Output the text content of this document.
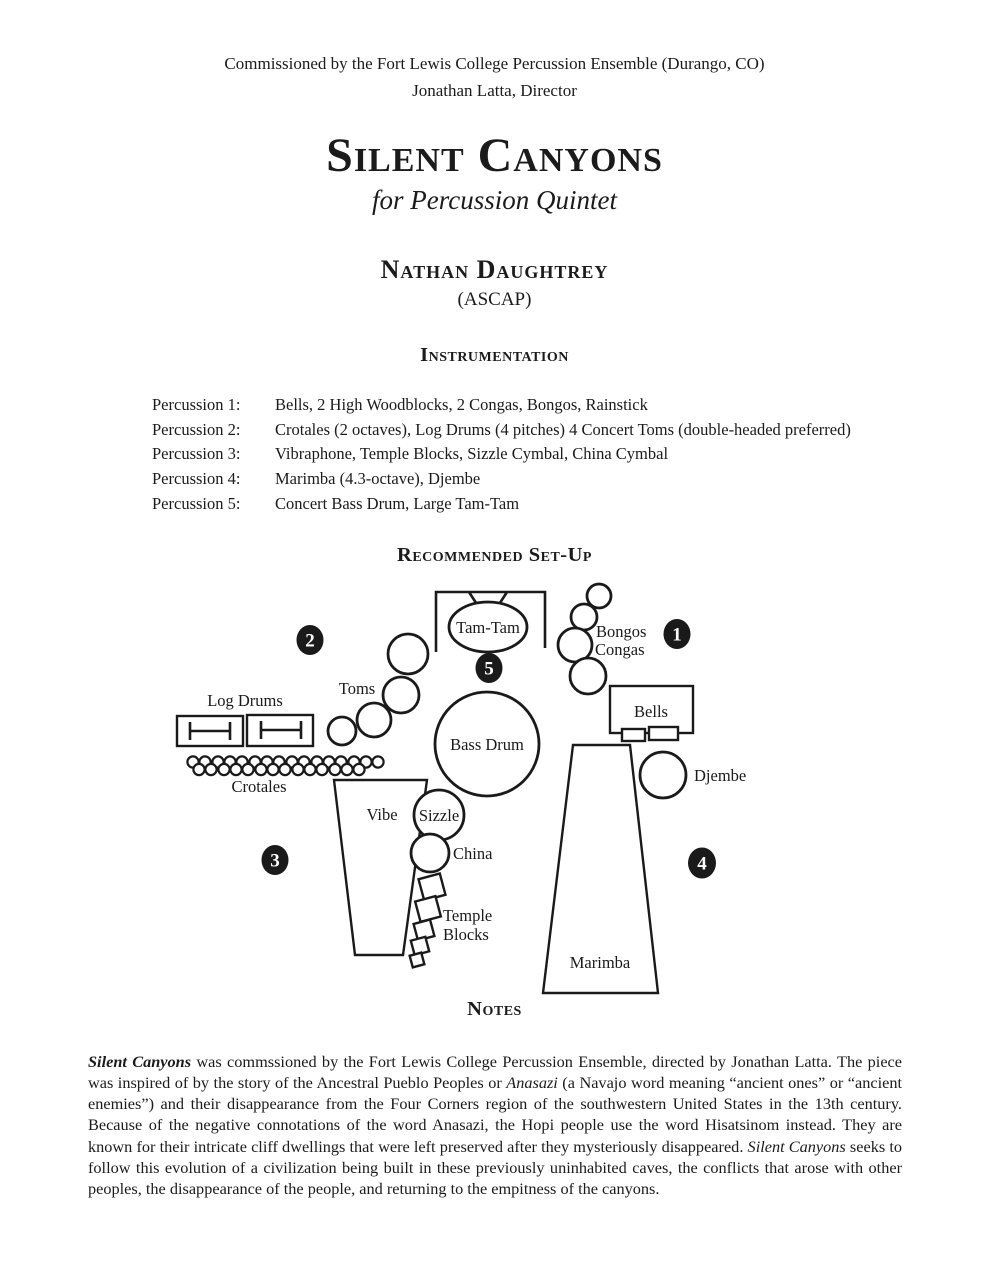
Commissioned by the Fort Lewis College Percussion Ensemble (Durango, CO)
Jonathan Latta, Director
Silent Canyons
for Percussion Quintet
Nathan Daughtrey
(ASCAP)
Instrumentation
Percussion 1:	Bells, 2 High Woodblocks, 2 Congas, Bongos, Rainstick
Percussion 2:	Crotales (2 octaves), Log Drums (4 pitches) 4 Concert Toms (double-headed preferred)
Percussion 3:	Vibraphone, Temple Blocks, Sizzle Cymbal, China Cymbal
Percussion 4:	Marimba (4.3-octave), Djembe
Percussion 5:	Concert Bass Drum, Large Tam-Tam
Recommended Set-Up
Tam-Tam
Toms
Bass Drum
Log Drums
Crotales
Vibe Sizzle
China
Temple
Blocks
Marimba
Djembe
Bells
Bongos
Congas
1
2
3	4
5
Notes
Silent Canyons was commssioned by the Fort Lewis College Percussion Ensemble, directed by Jonathan Latta. The piece was inspired of by the story of the Ancestral Pueblo Peoples or Anasazi (a Navajo word meaning “ancient ones” or “ancient enemies”) and their disappearance from the Four Corners region of the southwestern United States in the 13th century. Because of the negative connotations of the word Anasazi, the Hopi people use the word Hisatsinom instead. They are known for their intricate cliff dwellings that were left preserved after they mysteriously disappeared. Silent Canyons seeks to follow this evolution of a civilization being built in these previously uninhabited caves, the conflicts that arose with other peoples, the disappearance of the people, and returning to the empitness of the canyons.
